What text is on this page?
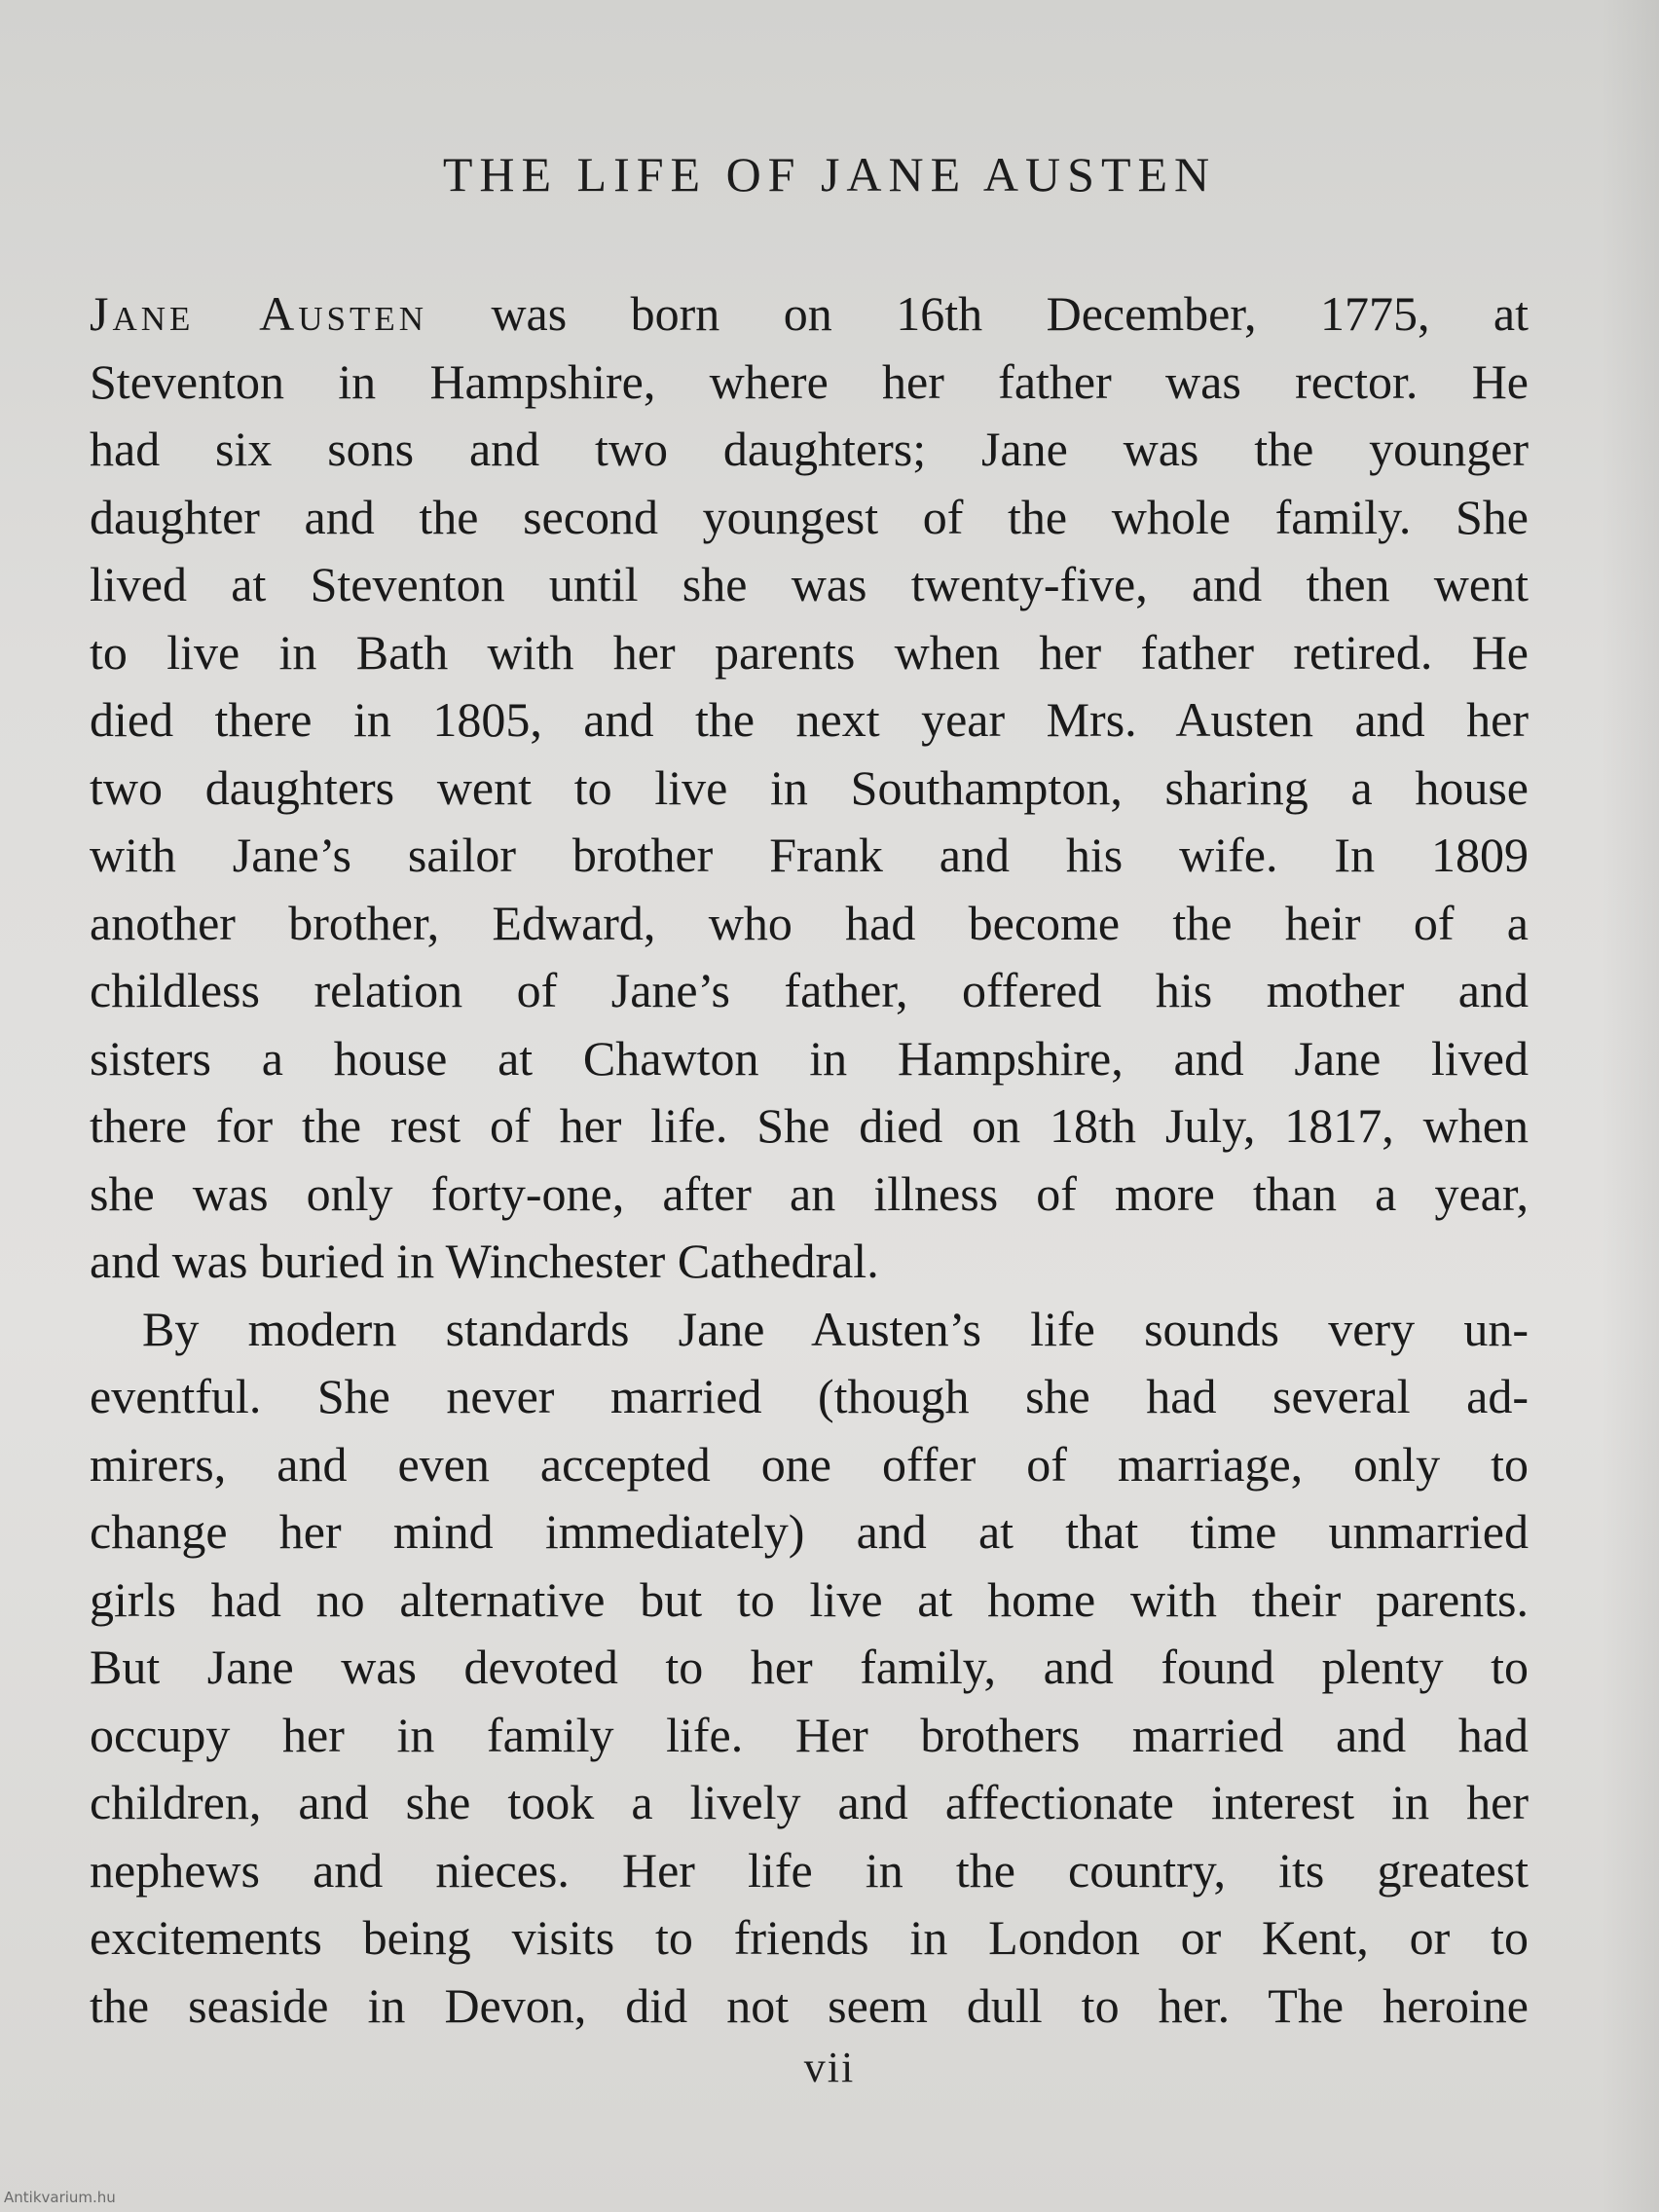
THE LIFE OF JANE AUSTEN

Jane Austen was born on 16th December, 1775, at
Steventon in Hampshire, where her father was rector. He
had six sons and two daughters; Jane was the younger
daughter and the second youngest of the whole family. She
lived at Steventon until she was twenty-five, and then went
to live in Bath with her parents when her father retired. He
died there in 1805, and the next year Mrs. Austen and her
two daughters went to live in Southampton, sharing a house
with Jane’s sailor brother Frank and his wife. In 1809
another brother, Edward, who had become the heir of a
childless relation of Jane’s father, offered his mother and
sisters a house at Chawton in Hampshire, and Jane lived
there for the rest of her life. She died on 18th July, 1817, when
she was only forty-one, after an illness of more than a year,
and was buried in Winchester Cathedral.

By modern standards Jane Austen’s life sounds very un-
eventful. She never married (though she had several ad-
mirers, and even accepted one offer of marriage, only to
change her mind immediately) and at that time unmarried
girls had no alternative but to live at home with their parents.
But Jane was devoted to her family, and found plenty to
occupy her in family life. Her brothers married and had
children, and she took a lively and affectionate interest in her
nephews and nieces. Her life in the country, its greatest
excitements being visits to friends in London or Kent, or to
the seaside in Devon, did not seem dull to her. The heroine

vii
Antikvarium.hu
